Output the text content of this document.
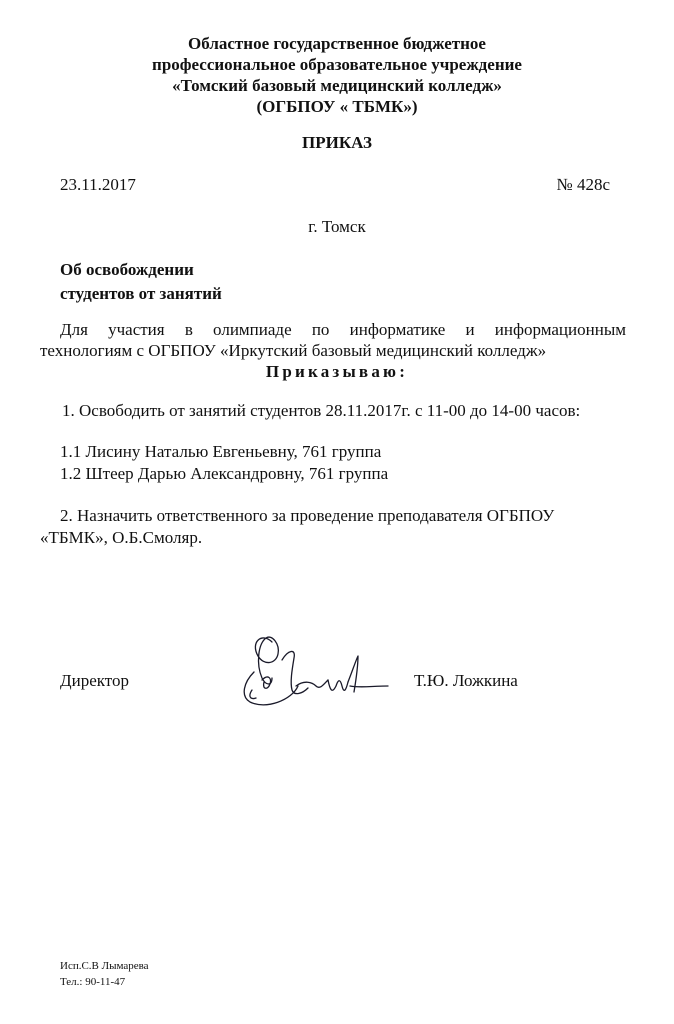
Областное государственное бюджетное
профессиональное образовательное учреждение
«Томский базовый медицинский колледж»
(ОГБПОУ « ТБМК»)
ПРИКАЗ
23.11.2017	№ 428с
г. Томск
Об освобождении
студентов от занятий
Для участия в олимпиаде по информатике и информационным
технологиям с ОГБПОУ «Иркутский базовый медицинский колледж»
Приказываю:
1. Освободить от занятий студентов 28.11.2017г. с 11-00 до 14-00 часов:
1.1 Лисину Наталью Евгеньевну, 761 группа
1.2 Штеер Дарью Александровну, 761 группа
2. Назначить ответственного за проведение преподавателя ОГБПОУ
«ТБМК», О.Б.Смоляр.
Директор	Т.Ю. Ложкина
Исп.С.В Лымарева
Тел.: 90-11-47
